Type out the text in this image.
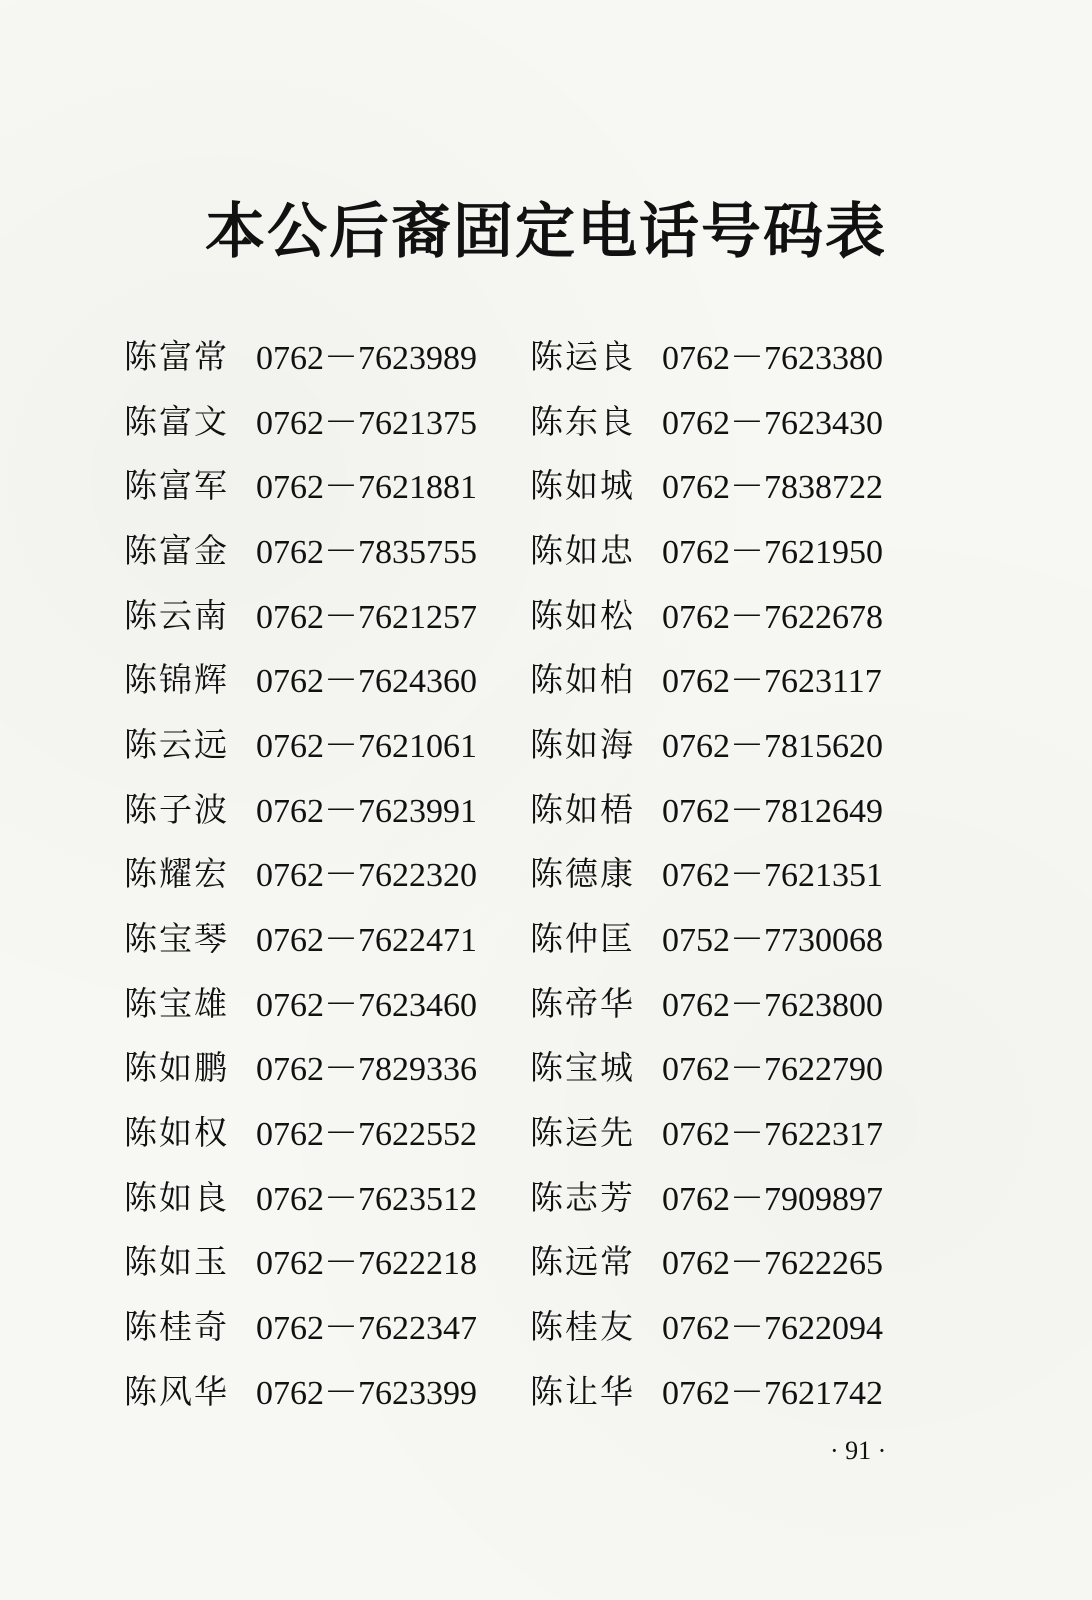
本公后裔固定电话号码表
陈富常 0762－7623989
陈富文 0762－7621375
陈富军 0762－7621881
陈富金 0762－7835755
陈云南 0762－7621257
陈锦辉 0762－7624360
陈云远 0762－7621061
陈子波 0762－7623991
陈耀宏 0762－7622320
陈宝琴 0762－7622471
陈宝雄 0762－7623460
陈如鹏 0762－7829336
陈如权 0762－7622552
陈如良 0762－7623512
陈如玉 0762－7622218
陈桂奇 0762－7622347
陈风华 0762－7623399
陈运良 0762－7623380
陈东良 0762－7623430
陈如城 0762－7838722
陈如忠 0762－7621950
陈如松 0762－7622678
陈如柏 0762－7623117
陈如海 0762－7815620
陈如梧 0762－7812649
陈德康 0762－7621351
陈仲匡 0752－7730068
陈帝华 0762－7623800
陈宝城 0762－7622790
陈运先 0762－7622317
陈志芳 0762－7909897
陈远常 0762－7622265
陈桂友 0762－7622094
陈让华 0762－7621742
· 91 ·
